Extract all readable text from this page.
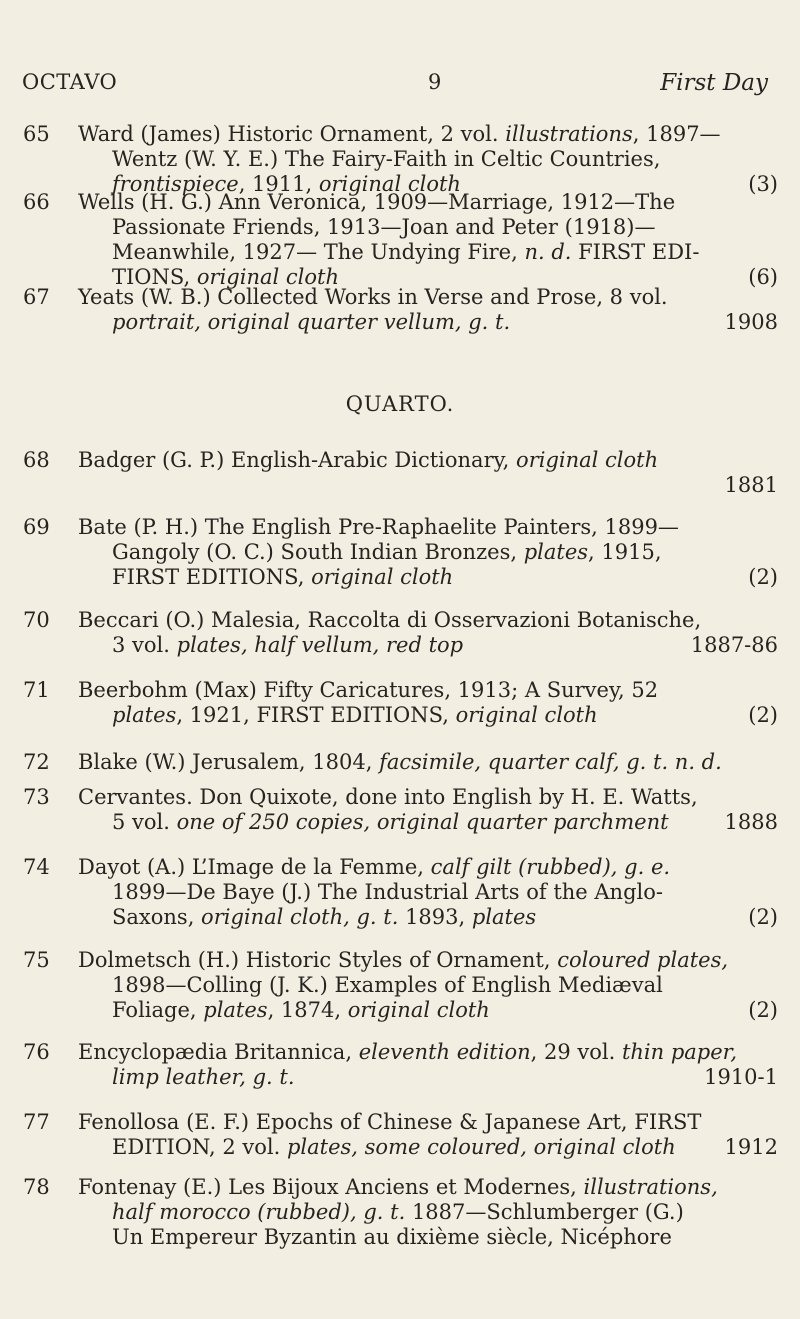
OCTAVO	9	First Day
QUARTO.
65	Ward (James) Historic Ornament, 2 vol. illustrations, 1897—
Wentz (W. Y. E.) The Fairy-Faith in Celtic Countries,
frontispiece, 1911, original cloth	(3)
66	Wells (H. G.) Ann Veronica, 1909—Marriage, 1912—The
Passionate Friends, 1913—Joan and Peter (1918)—
Meanwhile, 1927— The Undying Fire, n. d. FIRST EDI-
TIONS, original cloth	(6)
67	Yeats (W. B.) Collected Works in Verse and Prose, 8 vol.
portrait, original quarter vellum, g. t.	1908
68	Badger (G. P.) English-Arabic Dictionary, original cloth
1881
69	Bate (P. H.) The English Pre-Raphaelite Painters, 1899—
Gangoly (O. C.) South Indian Bronzes, plates, 1915,
FIRST EDITIONS, original cloth	(2)
70	Beccari (O.) Malesia, Raccolta di Osservazioni Botanische,
3 vol. plates, half vellum, red top	1887-86
71	Beerbohm (Max) Fifty Caricatures, 1913; A Survey, 52
plates, 1921, FIRST EDITIONS, original cloth	(2)
72	Blake (W.) Jerusalem, 1804, facsimile, quarter calf, g. t. n. d.
73	Cervantes. Don Quixote, done into English by H. E. Watts,
5 vol. one of 250 copies, original quarter parchment	1888
74	Dayot (A.) L’Image de la Femme, calf gilt (rubbed), g. e.
1899—De Baye (J.) The Industrial Arts of the Anglo-
Saxons, original cloth, g. t. 1893, plates	(2)
75	Dolmetsch (H.) Historic Styles of Ornament, coloured plates,
1898—Colling (J. K.) Examples of English Mediæval
Foliage, plates, 1874, original cloth	(2)
76	Encyclopædia Britannica, eleventh edition, 29 vol. thin paper,
limp leather, g. t.	1910-1
77	Fenollosa (E. F.) Epochs of Chinese & Japanese Art, FIRST
EDITION, 2 vol. plates, some coloured, original cloth 1912
78	Fontenay (E.) Les Bijoux Anciens et Modernes, illustrations,
half morocco (rubbed), g. t. 1887—Schlumberger (G.)
Un Empereur Byzantin au dixième siècle, Nicéphore
